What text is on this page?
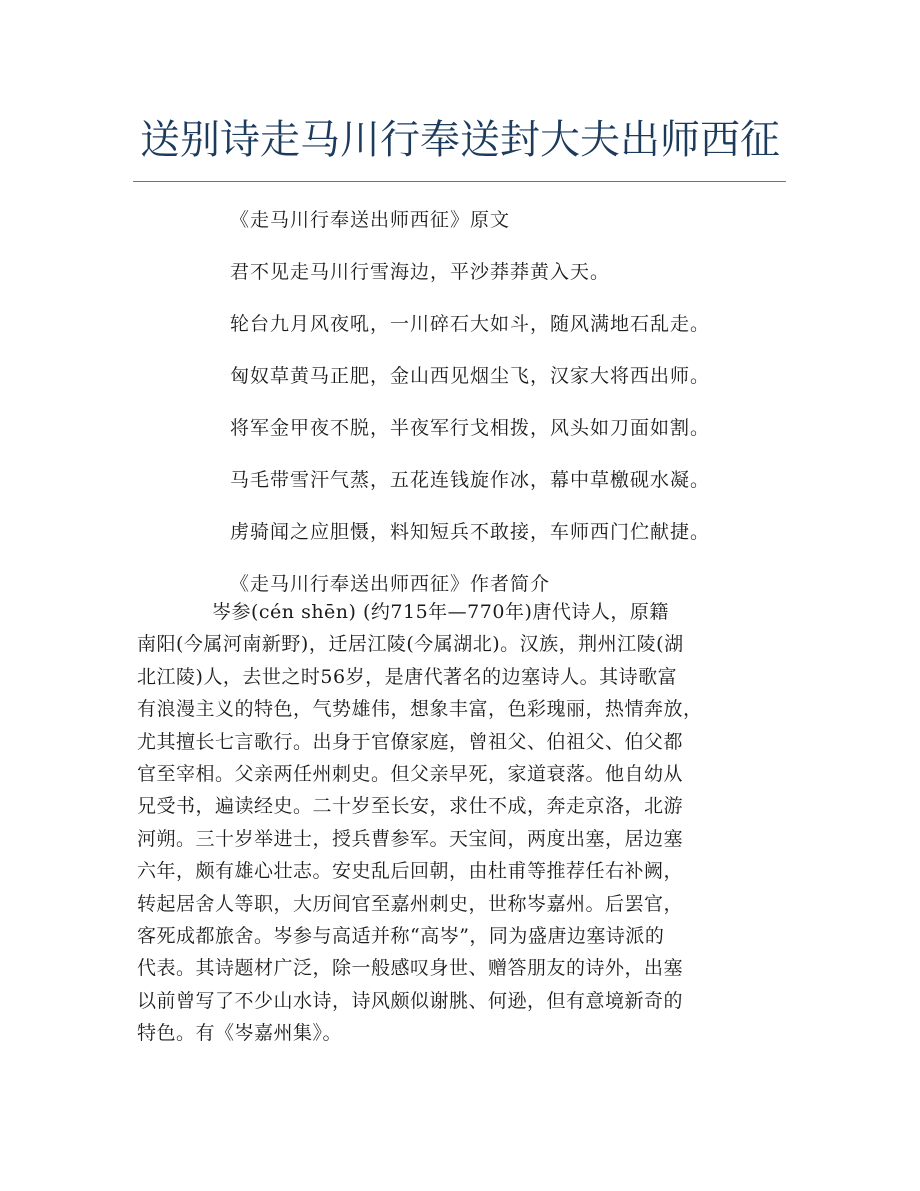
送别诗走马川行奉送封大夫出师西征
《走马川行奉送出师西征》原文
君不见走马川行雪海边，平沙莽莽黄入天。
轮台九月风夜吼，一川碎石大如斗，随风满地石乱走。
匈奴草黄马正肥，金山西见烟尘飞，汉家大将西出师。
将军金甲夜不脱，半夜军行戈相拨，风头如刀面如割。
马毛带雪汗气蒸，五花连钱旋作冰，幕中草檄砚水凝。
虏骑闻之应胆慑，料知短兵不敢接，车师西门伫献捷。
《走马川行奉送出师西征》作者简介
岑参(cén shēn) (约715年—770年)唐代诗人，原籍
南阳(今属河南新野)，迁居江陵(今属湖北)。汉族，荆州江陵(湖
北江陵)人，去世之时56岁，是唐代著名的边塞诗人。其诗歌富
有浪漫主义的特色，气势雄伟，想象丰富，色彩瑰丽，热情奔放，
尤其擅长七言歌行。出身于官僚家庭，曾祖父、伯祖父、伯父都
官至宰相。父亲两任州刺史。但父亲早死，家道衰落。他自幼从
兄受书，遍读经史。二十岁至长安，求仕不成，奔走京洛，北游
河朔。三十岁举进士，授兵曹参军。天宝间，两度出塞，居边塞
六年，颇有雄心壮志。安史乱后回朝，由杜甫等推荐任右补阙，
转起居舍人等职，大历间官至嘉州刺史，世称岑嘉州。后罢官，
客死成都旅舍。岑参与高适并称“高岑”，同为盛唐边塞诗派的
代表。其诗题材广泛，除一般感叹身世、赠答朋友的诗外，出塞
以前曾写了不少山水诗，诗风颇似谢朓、何逊，但有意境新奇的
特色。有《岑嘉州集》。
